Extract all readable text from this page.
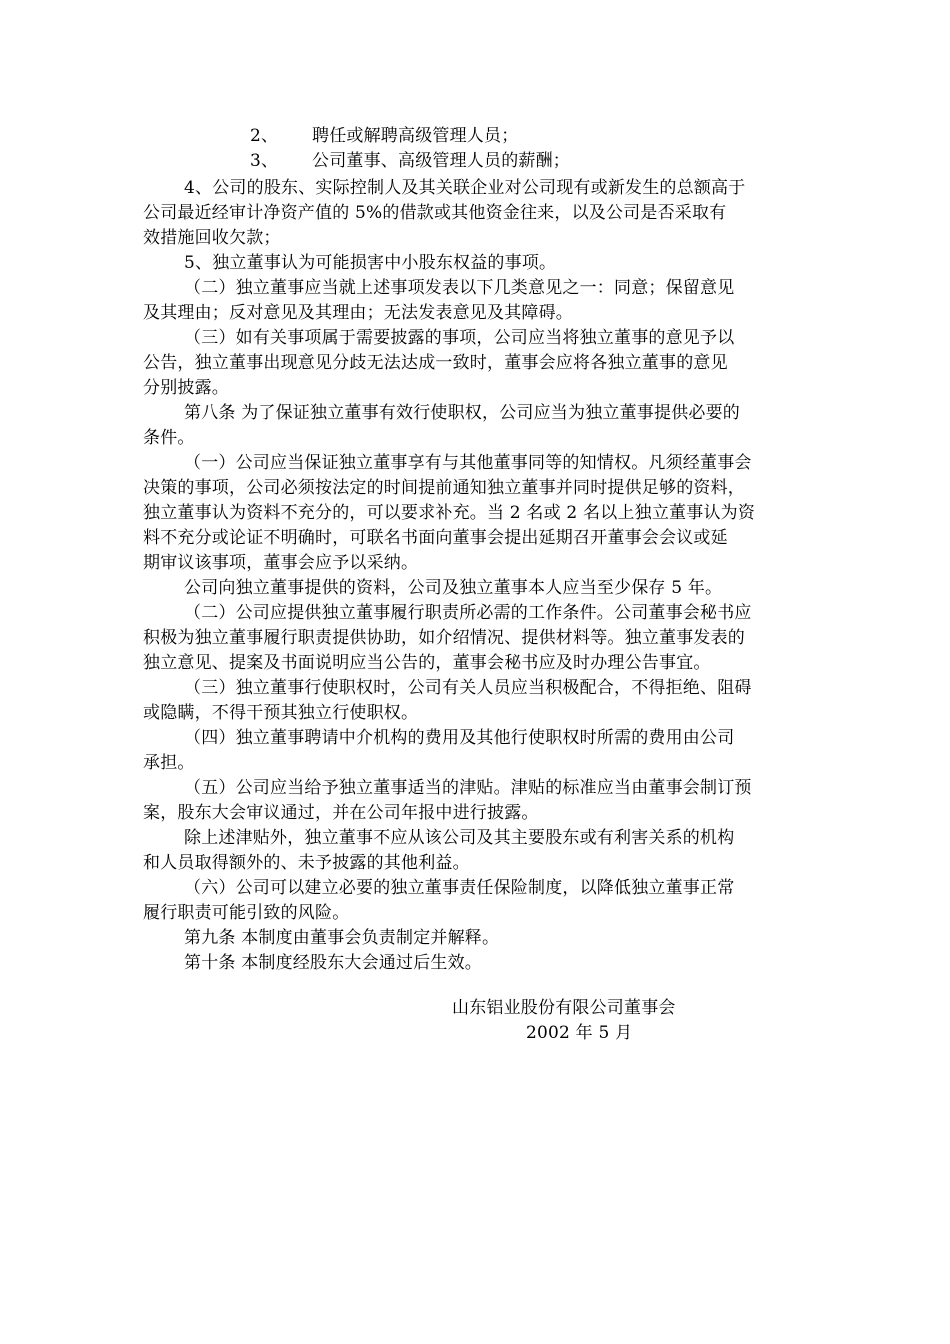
2、 聘任或解聘高级管理人员；
3、 公司董事、高级管理人员的薪酬；
4、公司的股东、实际控制人及其关联企业对公司现有或新发生的总额高于
公司最近经审计净资产值的 5%的借款或其他资金往来，以及公司是否采取有
效措施回收欠款；
5、独立董事认为可能损害中小股东权益的事项。
（二）独立董事应当就上述事项发表以下几类意见之一：同意；保留意见
及其理由；反对意见及其理由；无法发表意见及其障碍。
（三）如有关事项属于需要披露的事项，公司应当将独立董事的意见予以
公告，独立董事出现意见分歧无法达成一致时，董事会应将各独立董事的意见
分别披露。
第八条 为了保证独立董事有效行使职权，公司应当为独立董事提供必要的
条件。
（一）公司应当保证独立董事享有与其他董事同等的知情权。凡须经董事会
决策的事项，公司必须按法定的时间提前通知独立董事并同时提供足够的资料，
独立董事认为资料不充分的，可以要求补充。当 2 名或 2 名以上独立董事认为资
料不充分或论证不明确时，可联名书面向董事会提出延期召开董事会会议或延
期审议该事项，董事会应予以采纳。
公司向独立董事提供的资料，公司及独立董事本人应当至少保存 5 年。
（二）公司应提供独立董事履行职责所必需的工作条件。公司董事会秘书应
积极为独立董事履行职责提供协助，如介绍情况、提供材料等。独立董事发表的
独立意见、提案及书面说明应当公告的，董事会秘书应及时办理公告事宜。
（三）独立董事行使职权时，公司有关人员应当积极配合，不得拒绝、阻碍
或隐瞒，不得干预其独立行使职权。
（四）独立董事聘请中介机构的费用及其他行使职权时所需的费用由公司
承担。
（五）公司应当给予独立董事适当的津贴。津贴的标准应当由董事会制订预
案，股东大会审议通过，并在公司年报中进行披露。
除上述津贴外，独立董事不应从该公司及其主要股东或有利害关系的机构
和人员取得额外的、未予披露的其他利益。
（六）公司可以建立必要的独立董事责任保险制度，以降低独立董事正常
履行职责可能引致的风险。
第九条 本制度由董事会负责制定并解释。
第十条 本制度经股东大会通过后生效。
山东铝业股份有限公司董事会
2002 年 5 月
